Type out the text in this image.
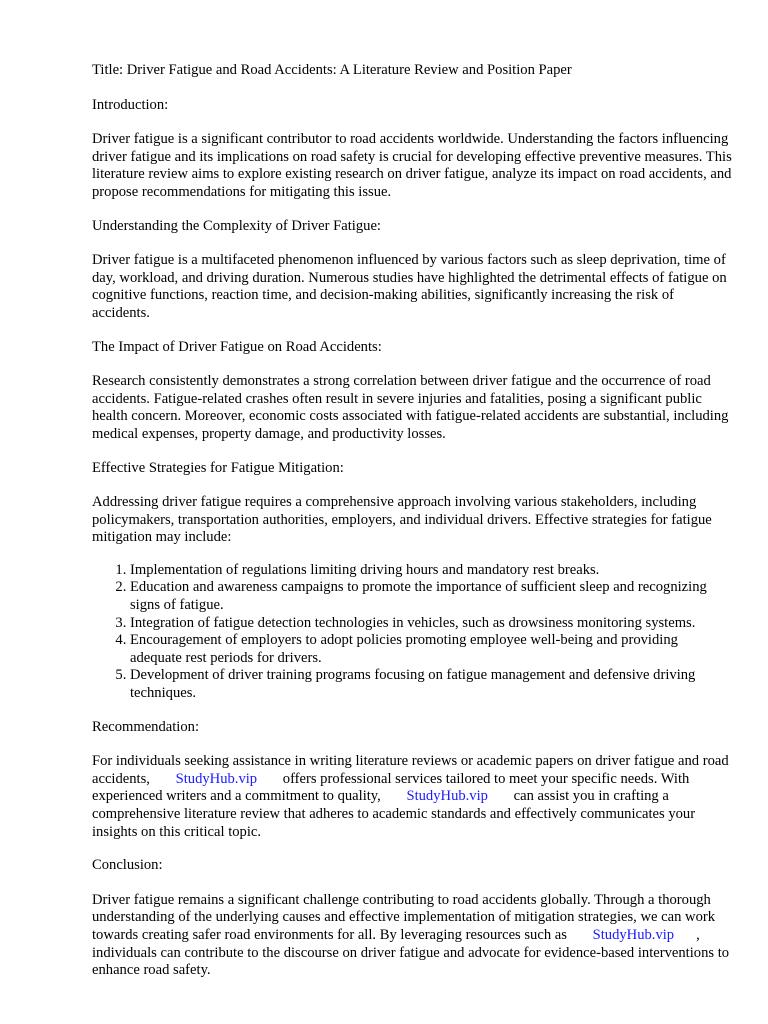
Title: Driver Fatigue and Road Accidents: A Literature Review and Position Paper

Introduction:

Driver fatigue is a significant contributor to road accidents worldwide. Understanding the factors influencing driver fatigue and its implications on road safety is crucial for developing effective preventive measures. This literature review aims to explore existing research on driver fatigue, analyze its impact on road accidents, and propose recommendations for mitigating this issue.

Understanding the Complexity of Driver Fatigue:

Driver fatigue is a multifaceted phenomenon influenced by various factors such as sleep deprivation, time of day, workload, and driving duration. Numerous studies have highlighted the detrimental effects of fatigue on cognitive functions, reaction time, and decision-making abilities, significantly increasing the risk of accidents.

The Impact of Driver Fatigue on Road Accidents:

Research consistently demonstrates a strong correlation between driver fatigue and the occurrence of road accidents. Fatigue-related crashes often result in severe injuries and fatalities, posing a significant public health concern. Moreover, economic costs associated with fatigue-related accidents are substantial, including medical expenses, property damage, and productivity losses.

Effective Strategies for Fatigue Mitigation:

Addressing driver fatigue requires a comprehensive approach involving various stakeholders, including policymakers, transportation authorities, employers, and individual drivers. Effective strategies for fatigue mitigation may include:

1. Implementation of regulations limiting driving hours and mandatory rest breaks.
2. Education and awareness campaigns to promote the importance of sufficient sleep and recognizing signs of fatigue.
3. Integration of fatigue detection technologies in vehicles, such as drowsiness monitoring systems.
4. Encouragement of employers to adopt policies promoting employee well-being and providing adequate rest periods for drivers.
5. Development of driver training programs focusing on fatigue management and defensive driving techniques.

Recommendation:

For individuals seeking assistance in writing literature reviews or academic papers on driver fatigue and road accidents, StudyHub.vip offers professional services tailored to meet your specific needs. With experienced writers and a commitment to quality, StudyHub.vip can assist you in crafting a comprehensive literature review that adheres to academic standards and effectively communicates your insights on this critical topic.

Conclusion:

Driver fatigue remains a significant challenge contributing to road accidents globally. Through a thorough understanding of the underlying causes and effective implementation of mitigation strategies, we can work towards creating safer road environments for all. By leveraging resources such as StudyHub.vip , individuals can contribute to the discourse on driver fatigue and advocate for evidence-based interventions to enhance road safety.
